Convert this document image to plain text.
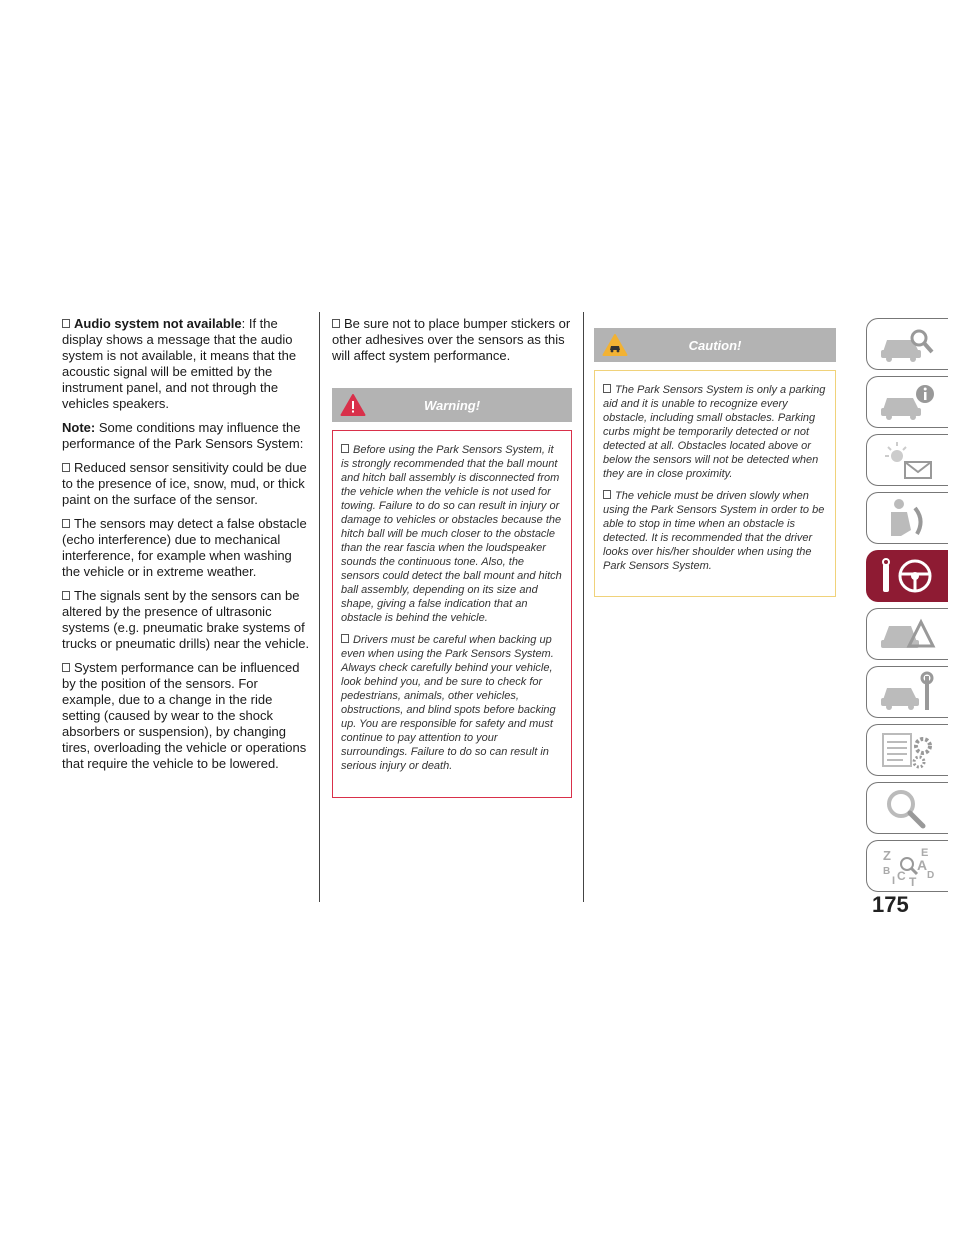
Audio system not available: If the display shows a message that the audio system is not available, it means that the acoustic signal will be emitted by the instrument panel, and not through the vehicles speakers.

Note: Some conditions may influence the performance of the Park Sensors System:

Reduced sensor sensitivity could be due to the presence of ice, snow, mud, or thick paint on the surface of the sensor.

The sensors may detect a false obstacle (echo interference) due to mechanical interference, for example when washing the vehicle or in extreme weather.

The signals sent by the sensors can be altered by the presence of ultrasonic systems (e.g. pneumatic brake systems of trucks or pneumatic drills) near the vehicle.

System performance can be influenced by the position of the sensors. For example, due to a change in the ride setting (caused by wear to the shock absorbers or suspension), by changing tires, overloading the vehicle or operations that require the vehicle to be lowered.

Be sure not to place bumper stickers or other adhesives over the sensors as this will affect system performance.

Warning!

Before using the Park Sensors System, it is strongly recommended that the ball mount and hitch ball assembly is disconnected from the vehicle when the vehicle is not used for towing. Failure to do so can result in injury or damage to vehicles or obstacles because the hitch ball will be much closer to the obstacle than the rear fascia when the loudspeaker sounds the continuous tone. Also, the sensors could detect the ball mount and hitch ball assembly, depending on its size and shape, giving a false indication that an obstacle is behind the vehicle.

Drivers must be careful when backing up even when using the Park Sensors System. Always check carefully behind your vehicle, look behind you, and be sure to check for pedestrians, animals, other vehicles, obstructions, and blind spots before backing up. You are responsible for safety and must continue to pay attention to your surroundings. Failure to do so can result in serious injury or death.

Caution!

The Park Sensors System is only a parking aid and it is unable to recognize every obstacle, including small obstacles. Parking curbs might be temporarily detected or not detected at all. Obstacles located above or below the sensors will not be detected when they are in close proximity.

The vehicle must be driven slowly when using the Park Sensors System in order to be able to stop in time when an obstacle is detected. It is recommended that the driver looks over his/her shoulder when using the Park Sensors System.

Z	E
A
B C D
T
I
175
